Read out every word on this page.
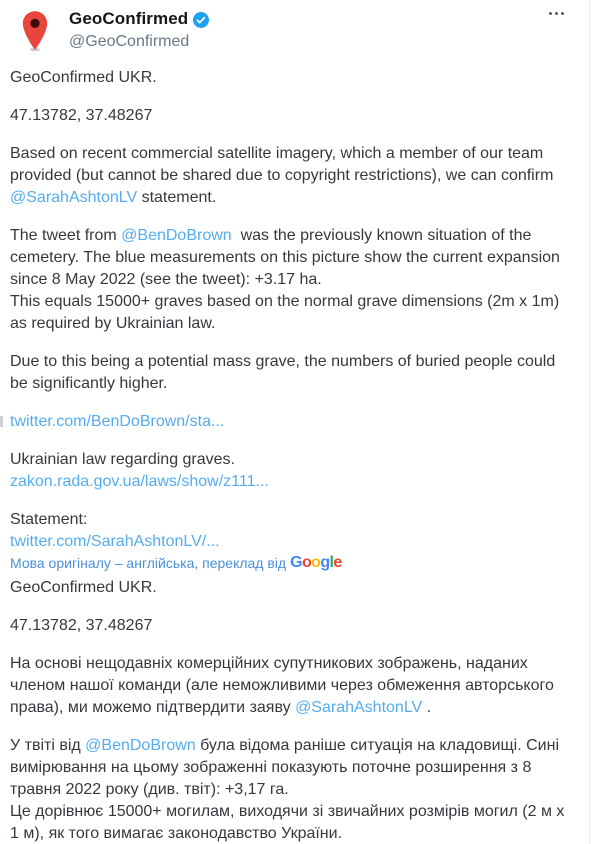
GeoConfirmed
@GeoConfirmed

GeoConfirmed UKR.

47.13782, 37.48267

Based on recent commercial satellite imagery, which a member of our team provided (but cannot be shared due to copyright restrictions), we can confirm @SarahAshtonLV statement.

The tweet from @BenDoBrown  was the previously known situation of the cemetery. The blue measurements on this picture show the current expansion since 8 May 2022 (see the tweet): +3.17 ha.
This equals 15000+ graves based on the normal grave dimensions (2m x 1m) as required by Ukrainian law.

Due to this being a potential mass grave, the numbers of buried people could be significantly higher.

twitter.com/BenDoBrown/sta...

Ukrainian law regarding graves.
zakon.rada.gov.ua/laws/show/z111...

Statement:
twitter.com/SarahAshtonLV/...

Мова оригіналу – англійська, переклад від Google

GeoConfirmed UKR.

47.13782, 37.48267

На основі нещодавніх комерційних супутникових зображень, наданих членом нашої команди (але неможливими через обмеження авторського права), ми можемо підтвердити заяву @SarahAshtonLV .

У твіті від @BenDoBrown була відома раніше ситуація на кладовищі. Сині вимірювання на цьому зображенні показують поточне розширення з 8 травня 2022 року (див. твіт): +3,17 га.
Це дорівнює 15000+ могилам, виходячи зі звичайних розмірів могил (2 м х 1 м), як того вимагає законодавство України.
